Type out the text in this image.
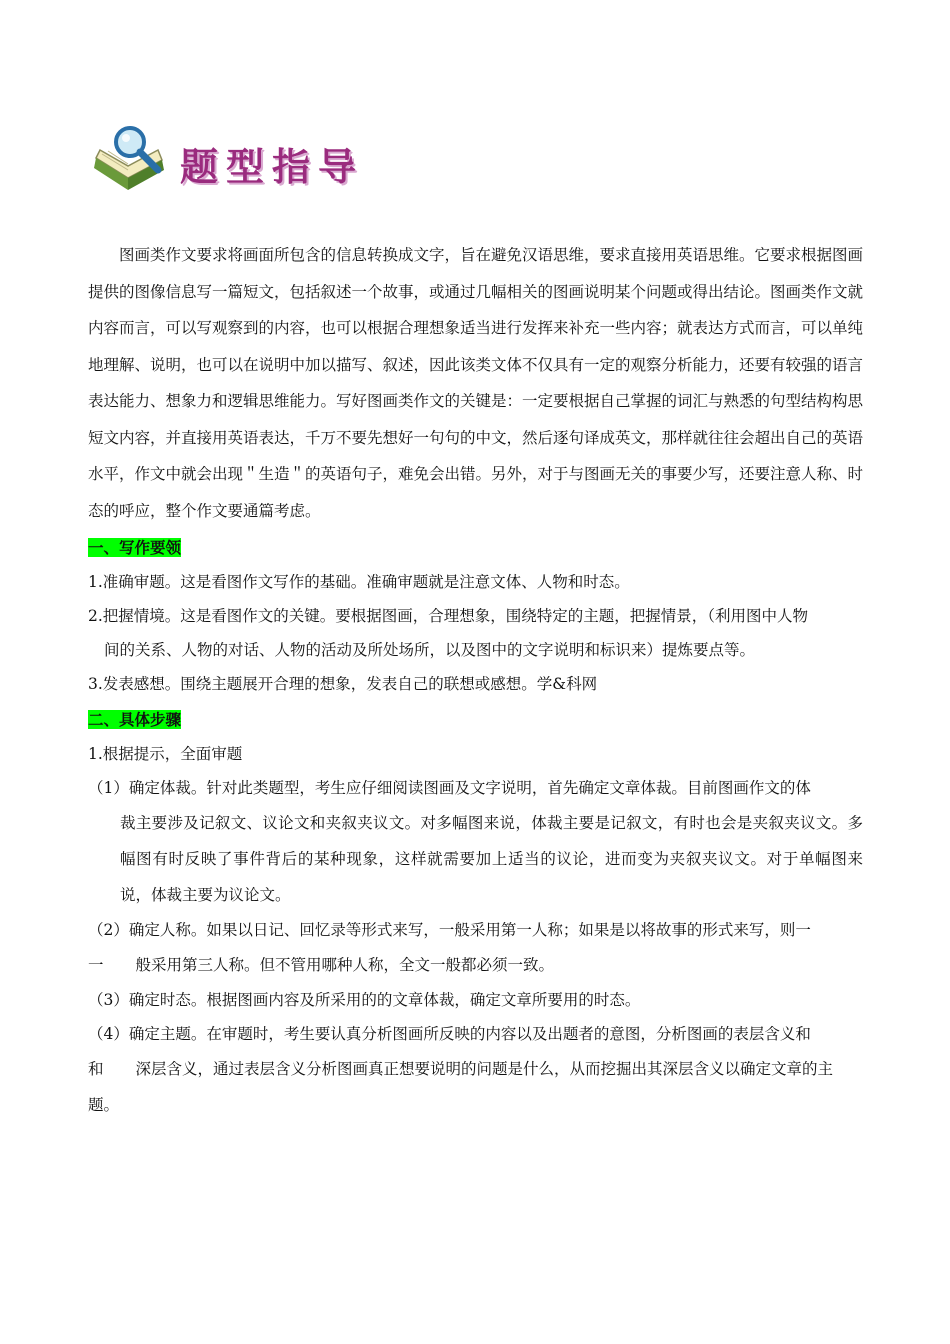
题型指导

图画类作文要求将画面所包含的信息转换成文字，旨在避免汉语思维，要求直接用英语思维。它要求根据图画提供的图像信息写一篇短文，包括叙述一个故事，或通过几幅相关的图画说明某个问题或得出结论。图画类作文就内容而言，可以写观察到的内容，也可以根据合理想象适当进行发挥来补充一些内容；就表达方式而言，可以单纯地理解、说明，也可以在说明中加以描写、叙述，因此该类文体不仅具有一定的观察分析能力，还要有较强的语言表达能力、想象力和逻辑思维能力。写好图画类作文的关键是：一定要根据自己掌握的词汇与熟悉的句型结构构思短文内容，并直接用英语表达，千万不要先想好一句句的中文，然后逐句译成英文，那样就往往会超出自己的英语水平，作文中就会出现＂生造＂的英语句子，难免会出错。另外，对于与图画无关的事要少写，还要注意人称、时态的呼应，整个作文要通篇考虑。

一、写作要领

1.准确审题。这是看图作文写作的基础。准确审题就是注意文体、人物和时态。

2.把握情境。这是看图作文的关键。要根据图画，合理想象，围绕特定的主题，把握情景，（利用图中人物

间的关系、人物的对话、人物的活动及所处场所，以及图中的文字说明和标识来）提炼要点等。

3.发表感想。围绕主题展开合理的想象，发表自己的联想或感想。学&科网

二、具体步骤

1.根据提示，全面审题

（1）确定体裁。针对此类题型，考生应仔细阅读图画及文字说明，首先确定文章体裁。目前图画作文的体

裁主要涉及记叙文、议论文和夹叙夹议文。对多幅图来说，体裁主要是记叙文，有时也会是夹叙夹议文。多幅图有时反映了事件背后的某种现象，这样就需要加上适当的议论，进而变为夹叙夹议文。对于单幅图来说，体裁主要为议论文。

（2）确定人称。如果以日记、回忆录等形式来写，一般采用第一人称；如果是以将故事的形式来写，则一

一 般采用第三人称。但不管用哪种人称，全文一般都必须一致。

（3）确定时态。根据图画内容及所采用的的文章体裁，确定文章所要用的时态。

（4）确定主题。在审题时，考生要认真分析图画所反映的内容以及出题者的意图，分析图画的表层含义和

和 深层含义，通过表层含义分析图画真正想要说明的问题是什么，从而挖掘出其深层含义以确定文章的主题。
